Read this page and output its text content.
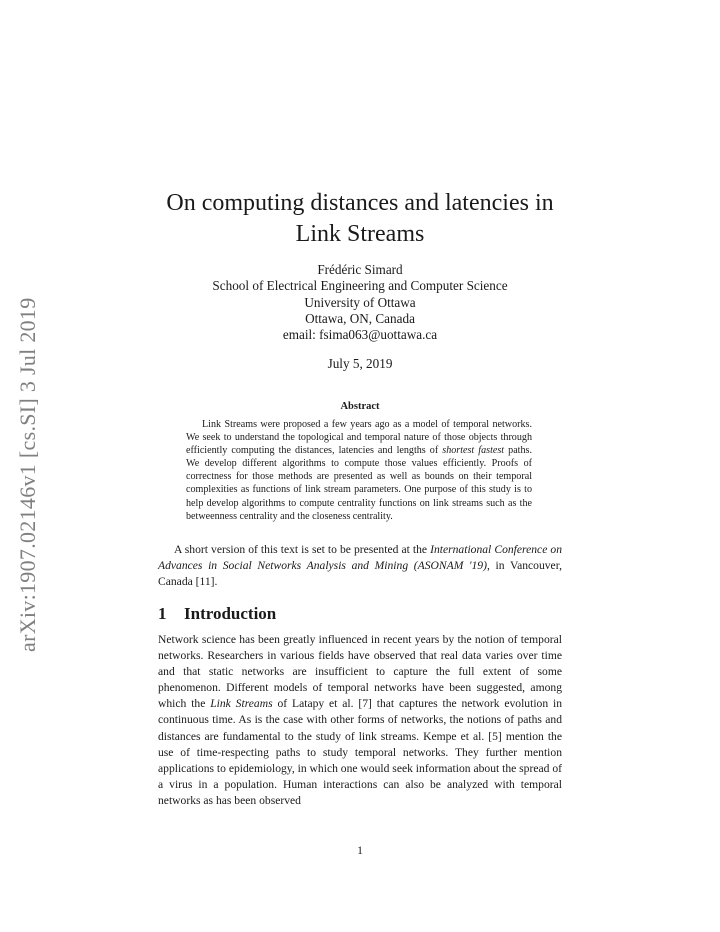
arXiv:1907.02146v1 [cs.SI] 3 Jul 2019
On computing distances and latencies in
Link Streams
Frédéric Simard
School of Electrical Engineering and Computer Science
University of Ottawa
Ottawa, ON, Canada
email: fsima063@uottawa.ca
July 5, 2019
Abstract
Link Streams were proposed a few years ago as a model of temporal networks. We seek to understand the topological and temporal nature of those objects through efficiently computing the distances, latencies and lengths of shortest fastest paths. We develop different algorithms to compute those values efficiently. Proofs of correctness for those methods are presented as well as bounds on their temporal complexities as functions of link stream parameters. One purpose of this study is to help develop algorithms to compute centrality functions on link streams such as the betweenness centrality and the closeness centrality.
A short version of this text is set to be presented at the International Conference on Advances in Social Networks Analysis and Mining (ASONAM '19), in Vancouver, Canada [11].
1 Introduction
Network science has been greatly influenced in recent years by the notion of temporal networks. Researchers in various fields have observed that real data varies over time and that static networks are insufficient to capture the full extent of some phenomenon. Different models of temporal networks have been suggested, among which the Link Streams of Latapy et al. [7] that captures the network evolution in continuous time. As is the case with other forms of networks, the notions of paths and distances are fundamental to the study of link streams. Kempe et al. [5] mention the use of time-respecting paths to study temporal networks. They further mention applications to epidemiology, in which one would seek information about the spread of a virus in a population. Human interactions can also be analyzed with temporal networks as has been observed
1
